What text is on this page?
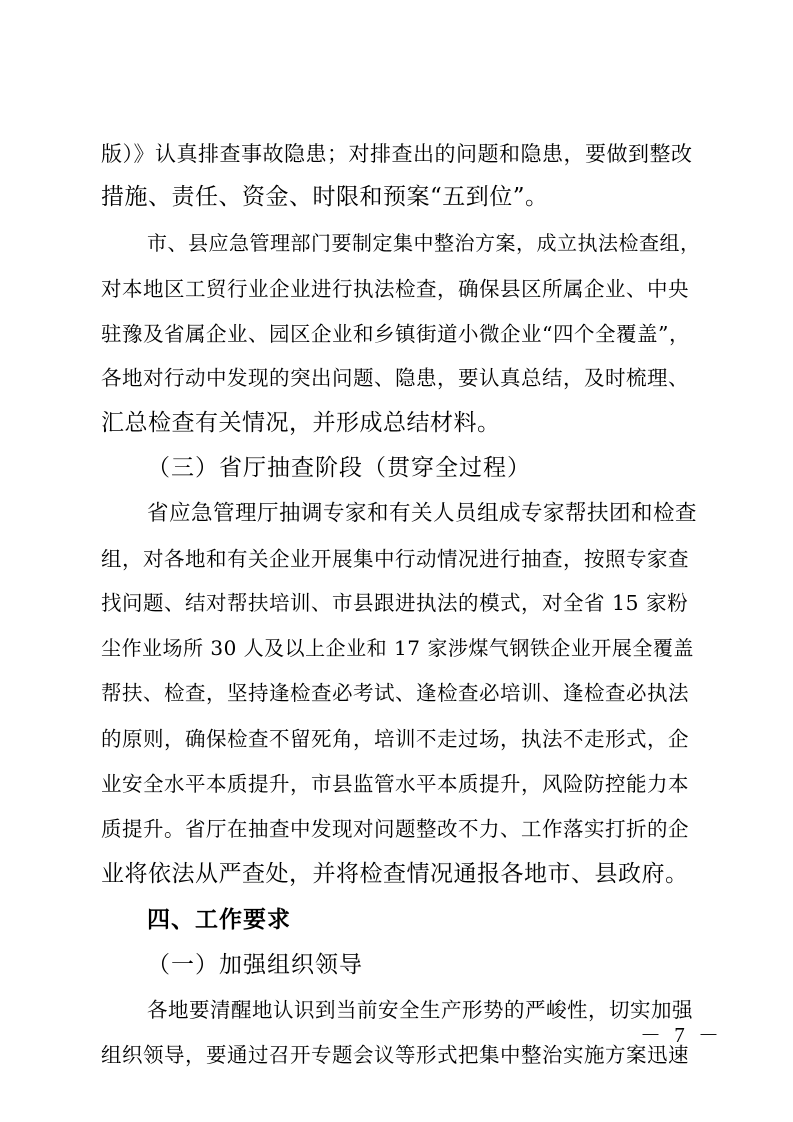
版）》认真排查事故隐患；对排查出的问题和隐患，要做到整改
措施、责任、资金、时限和预案“五到位”。
市、县应急管理部门要制定集中整治方案，成立执法检查组，
对本地区工贸行业企业进行执法检查，确保县区所属企业、中央
驻豫及省属企业、园区企业和乡镇街道小微企业“四个全覆盖”，
各地对行动中发现的突出问题、隐患，要认真总结，及时梳理、
汇总检查有关情况，并形成总结材料。
（三）省厅抽查阶段（贯穿全过程）
省应急管理厅抽调专家和有关人员组成专家帮扶团和检查
组，对各地和有关企业开展集中行动情况进行抽查，按照专家查
找问题、结对帮扶培训、市县跟进执法的模式，对全省 15 家粉
尘作业场所 30 人及以上企业和 17 家涉煤气钢铁企业开展全覆盖
帮扶、检查，坚持逢检查必考试、逢检查必培训、逢检查必执法
的原则，确保检查不留死角，培训不走过场，执法不走形式，企
业安全水平本质提升，市县监管水平本质提升，风险防控能力本
质提升。省厅在抽查中发现对问题整改不力、工作落实打折的企
业将依法从严查处，并将检查情况通报各地市、县政府。
四、工作要求
（一）加强组织领导
各地要清醒地认识到当前安全生产形势的严峻性，切实加强
组织领导，要通过召开专题会议等形式把集中整治实施方案迅速
－ 7 －
